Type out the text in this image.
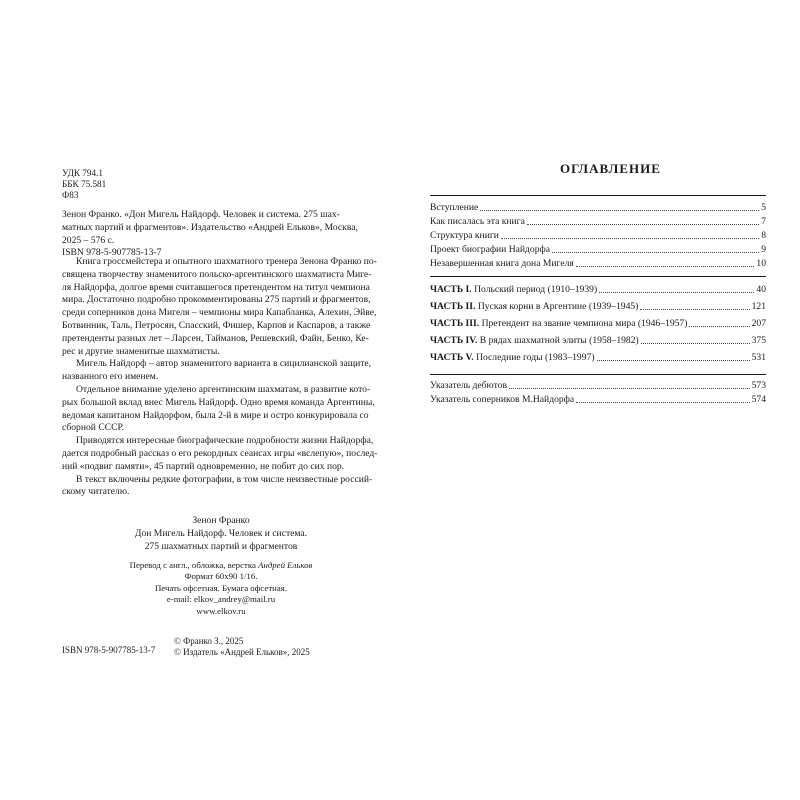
УДК 794.1
ББК 75.581
Ф83
Зенон Франко. «Дон Мигель Найдорф. Человек и система. 275 шах-
матных партий и фрагментов». Издательство «Андрей Ельков», Москва,
2025 – 576 с.
ISBN 978-5-907785-13-7
Книга гроссмейстера и опытного шахматного тренера Зенона Франко по-
священа творчеству знаменитого польско-аргентинского шахматиста Миге-
ля Найдорфа, долгое время считавшегося претендентом на титул чемпиона
мира. Достаточно подробно прокомментированы 275 партий и фрагментов,
среди соперников дона Мигеля – чемпионы мира Капабланка, Алехин, Эйве,
Ботвинник, Таль, Петросян, Спасский, Фишер, Карпов и Каспаров, а также
претенденты разных лет – Ларсен, Тайманов, Решевский, Файн, Бенко, Ке-
рес и другие знаменитые шахматисты.
Мигель Найдорф – автор знаменитого варианта в сицилианской защите,
названного его именем.
Отдельное внимание уделено аргентинским шахматам, в развитие кото-
рых большой вклад внес Мигель Найдорф. Одно время команда Аргентины,
ведомая капитаном Найдорфом, была 2-й в мире и остро конкурировала со
сборной СССР.
Приводятся интересные биографические подробности жизни Найдорфа,
дается подробный рассказ о его рекордных сеансах игры «вслепую», послед-
ний «подвиг памяти», 45 партий одновременно, не побит до сих пор.
В текст включены редкие фотографии, в том числе неизвестные россий-
скому читателю.
Зенон Франко
Дон Мигель Найдорф. Человек и система.
275 шахматных партий и фрагментов
Перевод с англ., обложка, верстка Андрей Ельков
Формат 60х90 1/16.
Печать офсетная. Бумага офсетная.
e-mail: elkov_andrey@mail.ru
www.elkov.ru
ISBN 978-5-907785-13-7
© Франко З., 2025
© Издатель «Андрей Ельков», 2025
ОГЛАВЛЕНИЕ
Вступление	5
Как писалась эта книга	7
Структура книги	8
Проект биографии Найдорфа	9
Незавершенная книга дона Мигеля	10
ЧАСТЬ I. Польский период (1910–1939)	40
ЧАСТЬ II. Пуская корни в Аргентине (1939–1945)	121
ЧАСТЬ III. Претендент на звание чемпиона мира (1946–1957)	207
ЧАСТЬ IV. В рядах шахматной элиты (1958–1982)	375
ЧАСТЬ V. Последние годы (1983–1997)	531
Указатель дебютов	573
Указатель соперников М.Найдорфа	574
